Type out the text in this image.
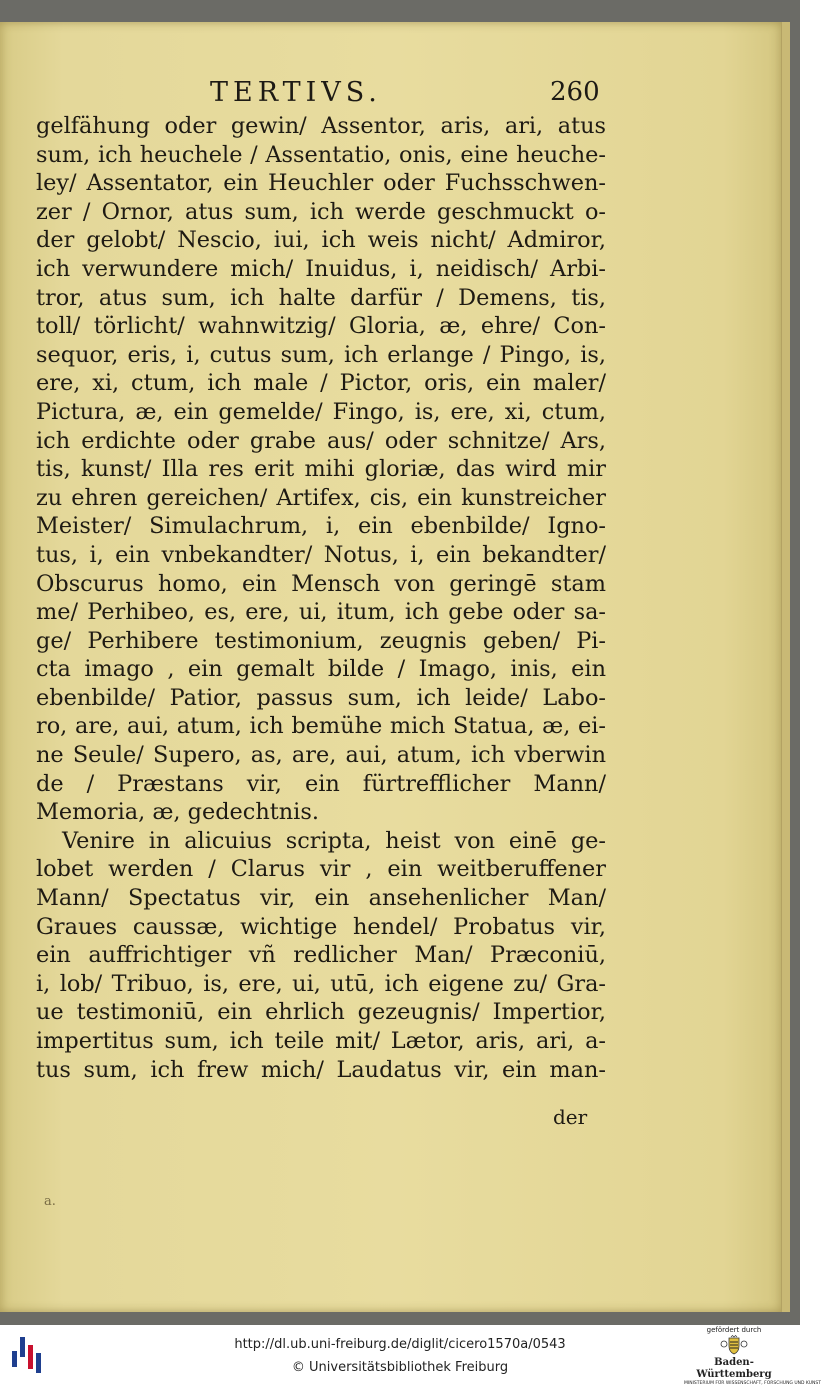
TERTIVS.	260
gelfähung oder gewin/ Assentor, aris, ari, atus
sum, ich heuchele / Assentatio, onis, eine heuche-
ley/ Assentator, ein Heuchler oder Fuchsschwen-
zer / Ornor, atus sum, ich werde geschmuckt o-
der gelobt/ Nescio, iui, ich weis nicht/ Admiror,
ich verwundere mich/ Inuidus, i, neidisch/ Arbi-
tror, atus sum, ich halte darfür / Demens, tis,
toll/ törlicht/ wahnwitzig/ Gloria, æ, ehre/ Con-
sequor, eris, i, cutus sum, ich erlange / Pingo, is,
ere, xi, ctum, ich male / Pictor, oris, ein maler/
Pictura, æ, ein gemelde/ Fingo, is, ere, xi, ctum,
ich erdichte oder grabe aus/ oder schnitze/ Ars,
tis, kunst/ Illa res erit mihi gloriæ, das wird mir
zu ehren gereichen/ Artifex, cis, ein kunstreicher
Meister/ Simulachrum, i, ein ebenbilde/ Igno-
tus, i, ein vnbekandter/ Notus, i, ein bekandter/
Obscurus homo, ein Mensch von geringē stam
me/ Perhibeo, es, ere, ui, itum, ich gebe oder sa-
ge/ Perhibere testimonium, zeugnis geben/ Pi-
cta imago , ein gemalt bilde / Imago, inis, ein
ebenbilde/ Patior, passus sum, ich leide/ Labo-
ro, are, aui, atum, ich bemühe mich Statua, æ, ei-
ne Seule/ Supero, as, are, aui, atum, ich vberwin
de / Præstans vir, ein fürtrefflicher Mann/
Memoria, æ, gedechtnis.
Venire in alicuius scripta, heist von einē ge-
lobet werden / Clarus vir , ein weitberuffener
Mann/ Spectatus vir, ein ansehenlicher Man/
Graues caussæ, wichtige hendel/ Probatus vir,
ein auffrichtiger vñ redlicher Man/ Præconiū,
i, lob/ Tribuo, is, ere, ui, utū, ich eigene zu/ Gra-
ue testimoniū, ein ehrlich gezeugnis/ Impertior,
impertitus sum, ich teile mit/ Lætor, aris, ari, a-
tus sum, ich frew mich/ Laudatus vir, ein man-
der
a.
http://dl.ub.uni-freiburg.de/diglit/cicero1570a/0543
© Universitätsbibliothek Freiburg
gefördert durch
Baden-Württemberg
MINISTERIUM FÜR WISSENSCHAFT, FORSCHUNG UND KUNST
